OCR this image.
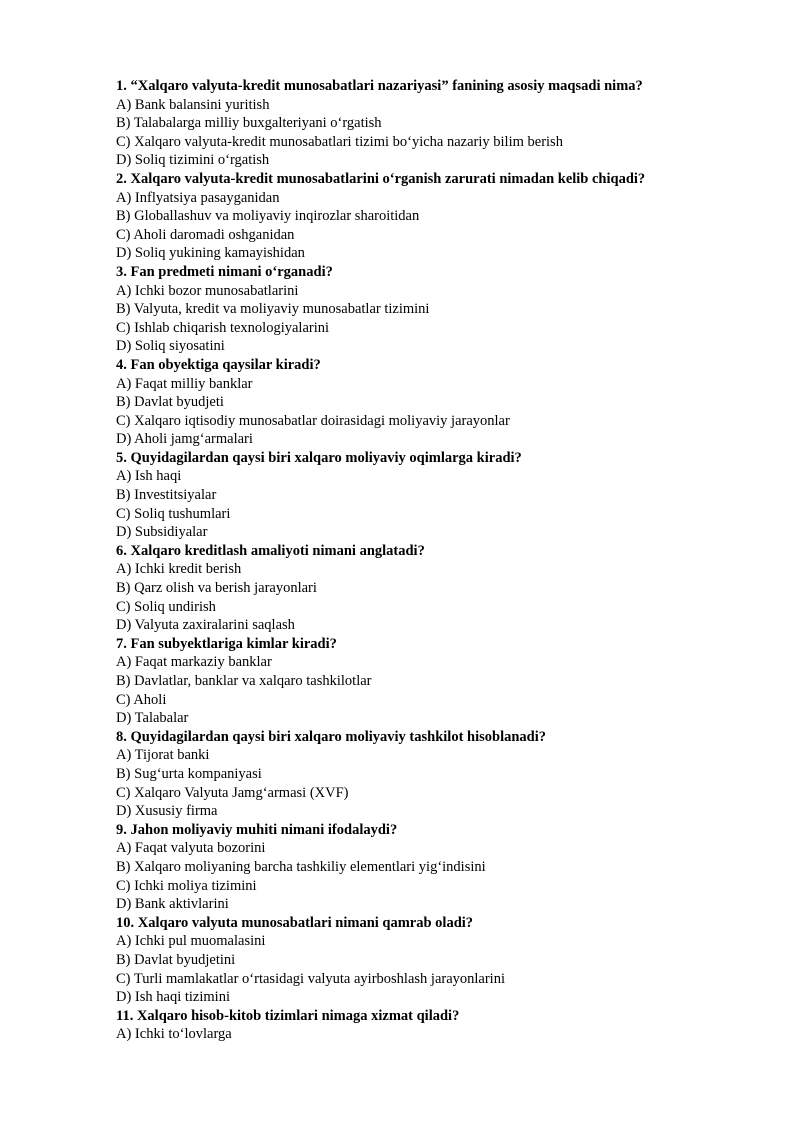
1. “Xalqaro valyuta-kredit munosabatlari nazariyasi” fanining asosiy maqsadi nima?
A) Bank balansini yuritish
B) Talabalarga milliy buxgalteriyani o‘rgatish
C) Xalqaro valyuta-kredit munosabatlari tizimi bo‘yicha nazariy bilim berish
D) Soliq tizimini o‘rgatish
2. Xalqaro valyuta-kredit munosabatlarini o‘rganish zarurati nimadan kelib chiqadi?
A) Inflyatsiya pasayganidan
B) Globallashuv va moliyaviy inqirozlar sharoitidan
C) Aholi daromadi oshganidan
D) Soliq yukining kamayishidan
3. Fan predmeti nimani o‘rganadi?
A) Ichki bozor munosabatlarini
B) Valyuta, kredit va moliyaviy munosabatlar tizimini
C) Ishlab chiqarish texnologiyalarini
D) Soliq siyosatini
4. Fan obyektiga qaysilar kiradi?
A) Faqat milliy banklar
B) Davlat byudjeti
C) Xalqaro iqtisodiy munosabatlar doirasidagi moliyaviy jarayonlar
D) Aholi jamg‘armalari
5. Quyidagilardan qaysi biri xalqaro moliyaviy oqimlarga kiradi?
A) Ish haqi
B) Investitsiyalar
C) Soliq tushumlari
D) Subsidiyalar
6. Xalqaro kreditlash amaliyoti nimani anglatadi?
A) Ichki kredit berish
B) Qarz olish va berish jarayonlari
C) Soliq undirish
D) Valyuta zaxiralarini saqlash
7. Fan subyektlariga kimlar kiradi?
A) Faqat markaziy banklar
B) Davlatlar, banklar va xalqaro tashkilotlar
C) Aholi
D) Talabalar
8. Quyidagilardan qaysi biri xalqaro moliyaviy tashkilot hisoblanadi?
A) Tijorat banki
B) Sug‘urta kompaniyasi
C) Xalqaro Valyuta Jamg‘armasi (XVF)
D) Xususiy firma
9. Jahon moliyaviy muhiti nimani ifodalaydi?
A) Faqat valyuta bozorini
B) Xalqaro moliyaning barcha tashkiliy elementlari yig‘indisini
C) Ichki moliya tizimini
D) Bank aktivlarini
10. Xalqaro valyuta munosabatlari nimani qamrab oladi?
A) Ichki pul muomalasini
B) Davlat byudjetini
C) Turli mamlakatlar o‘rtasidagi valyuta ayirboshlash jarayonlarini
D) Ish haqi tizimini
11. Xalqaro hisob-kitob tizimlari nimaga xizmat qiladi?
A) Ichki to‘lovlarga
